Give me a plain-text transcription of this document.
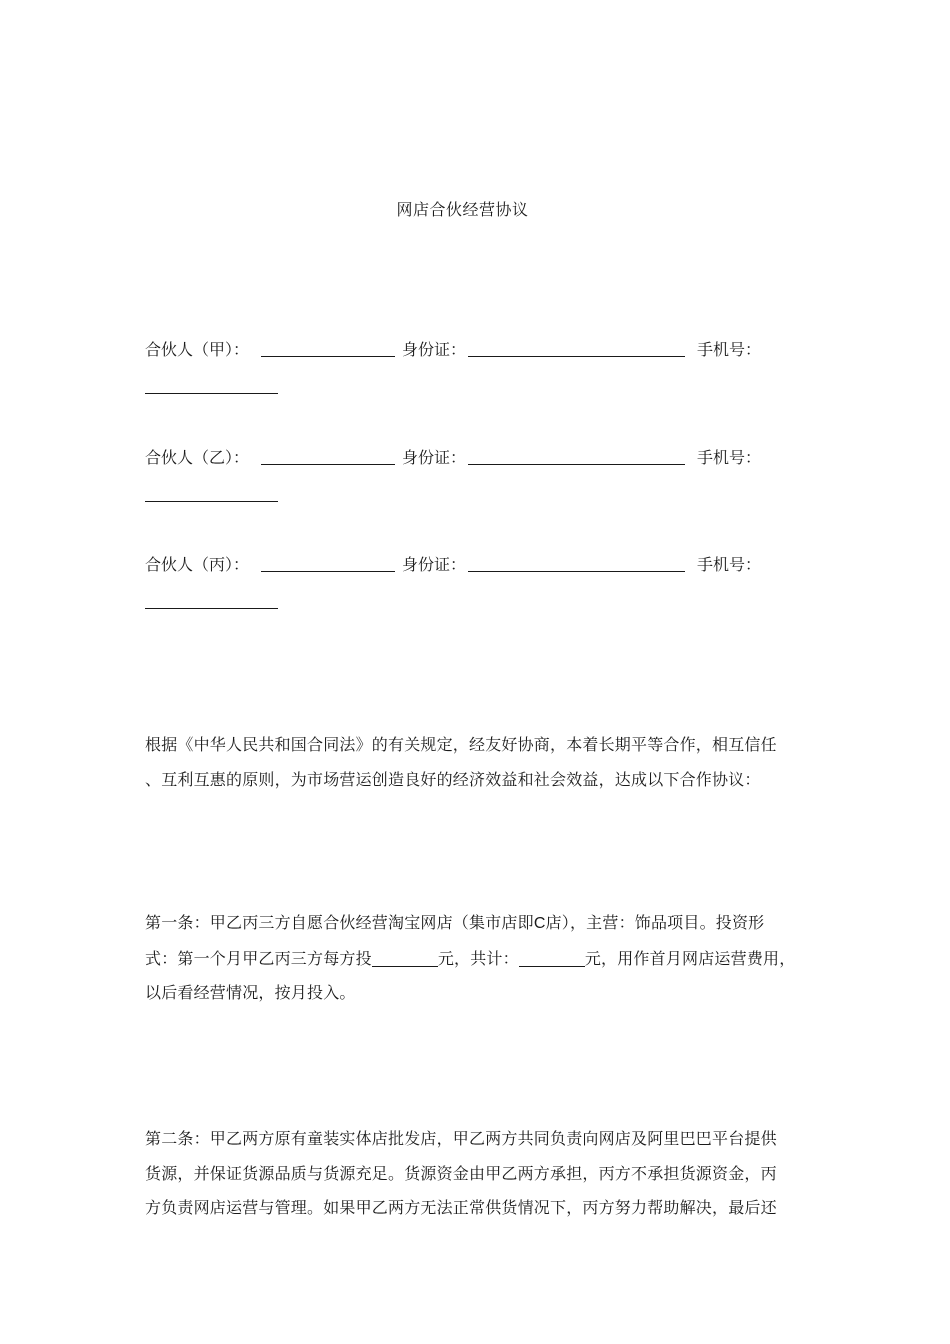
网店合伙经营协议
合伙人（甲）：	身份证：	手机号：
合伙人（乙）：	身份证：	手机号：
合伙人（丙）：	身份证：	手机号：
根据《中华人民共和国合同法》的有关规定，经友好协商，本着长期平等合作，相互信任
、互利互惠的原则，为市场营运创造良好的经济效益和社会效益，达成以下合作协议：
第一条：甲乙丙三方自愿合伙经营淘宝网店（集市店即C店），主营：饰品项目。投资形
式：第一个月甲乙丙三方每方投	元，共计：	元，用作首月网店运营费用，
以后看经营情况，按月投入。
第二条：甲乙两方原有童装实体店批发店，甲乙两方共同负责向网店及阿里巴巴平台提供
货源，并保证货源品质与货源充足。货源资金由甲乙两方承担，丙方不承担货源资金，丙
方负责网店运营与管理。如果甲乙两方无法正常供货情况下，丙方努力帮助解决，最后还
